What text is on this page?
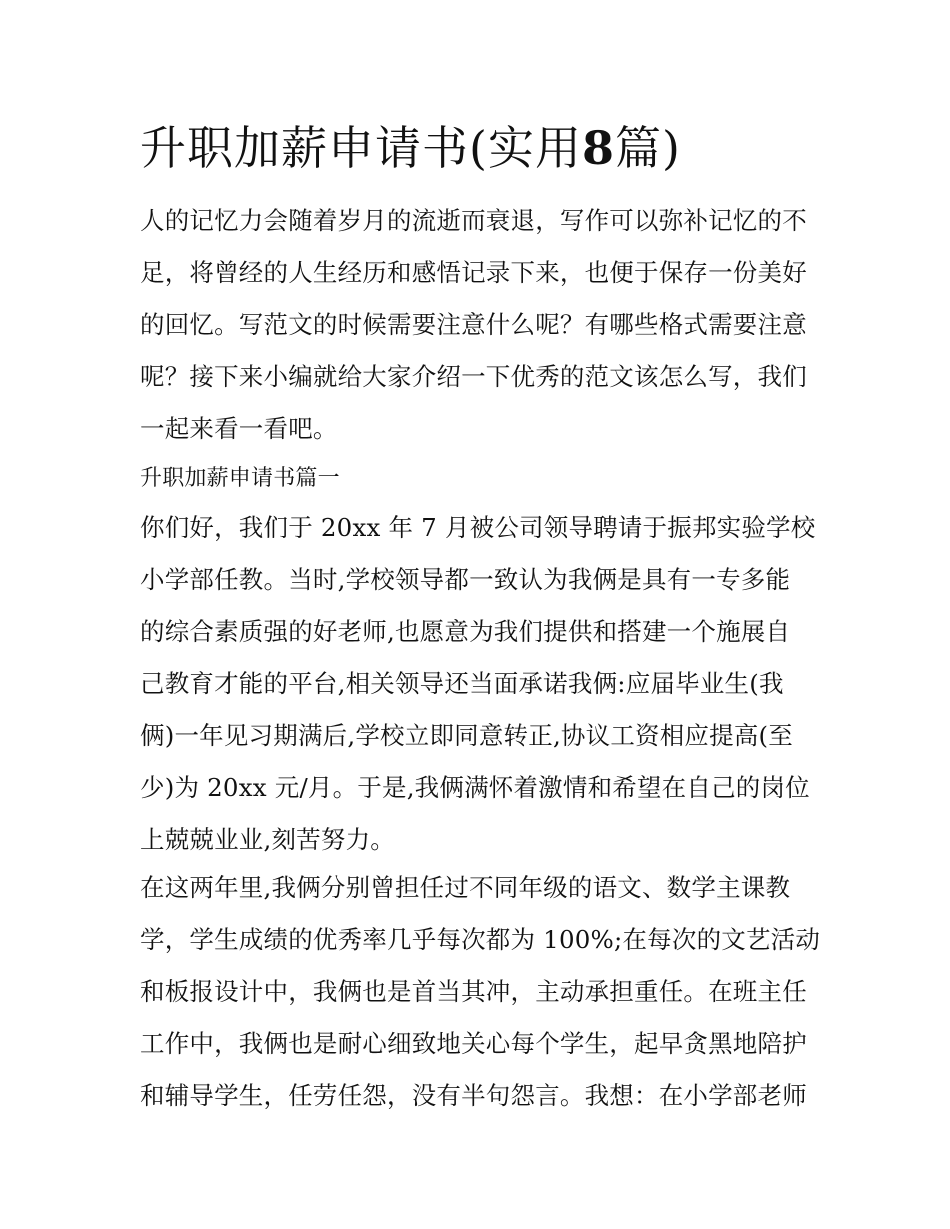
升职加薪申请书(实用8篇)

人的记忆力会随着岁月的流逝而衰退，写作可以弥补记忆的不

足，将曾经的人生经历和感悟记录下来，也便于保存一份美好

的回忆。写范文的时候需要注意什么呢？有哪些格式需要注意

呢？接下来小编就给大家介绍一下优秀的范文该怎么写，我们

一起来看一看吧。

升职加薪申请书篇一

你们好，我们于 20xx 年 7 月被公司领导聘请于振邦实验学校

小学部任教。当时,学校领导都一致认为我俩是具有一专多能

的综合素质强的好老师,也愿意为我们提供和搭建一个施展自

己教育才能的平台,相关领导还当面承诺我俩:应届毕业生(我

俩)一年见习期满后,学校立即同意转正,协议工资相应提高(至

少)为 20xx 元/月。于是,我俩满怀着激情和希望在自己的岗位

上兢兢业业,刻苦努力。

在这两年里,我俩分别曾担任过不同年级的语文、数学主课教

学，学生成绩的优秀率几乎每次都为 100%;在每次的文艺活动

和板报设计中，我俩也是首当其冲，主动承担重任。在班主任

工作中，我俩也是耐心细致地关心每个学生，起早贪黑地陪护

和辅导学生，任劳任怨，没有半句怨言。我想：在小学部老师
